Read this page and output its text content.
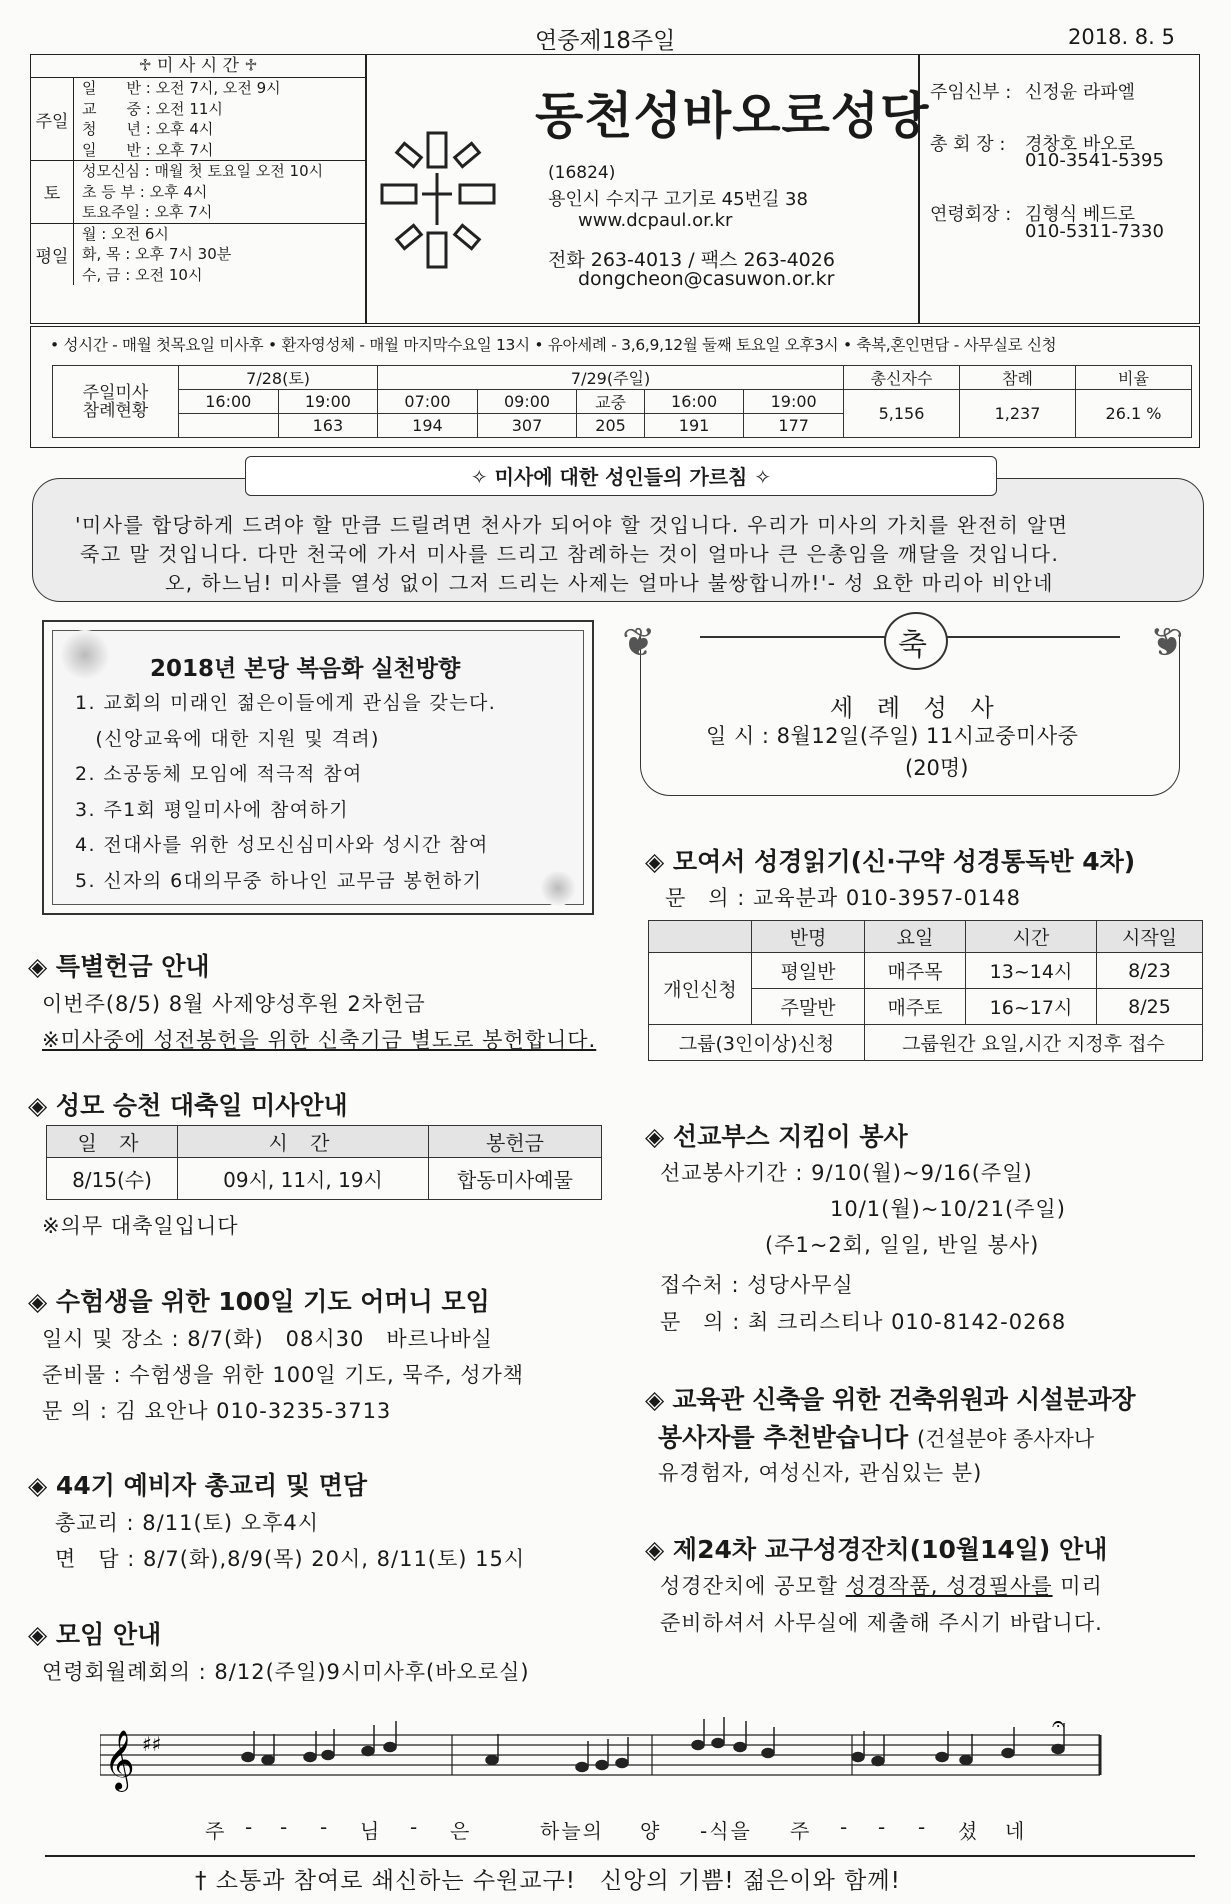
연중제18주일	2018. 8. 5
♱ 미 사 시 간 ♱
주일
일　　반 : 오전 7시, 오전 9시
교　　중 : 오전 11시
청　　년 : 오후 4시
일　　반 : 오후 7시
토
성모신심 : 매월 첫 토요일 오전 10시
초 등 부 : 오후 4시
토요주일 : 오후 7시
평일
월 : 오전 6시
화, 목 : 오후 7시 30분
수, 금 : 오전 10시
동천성바오로성당
(16824)
용인시 수지구 고기로 45번길 38
www.dcpaul.or.kr
전화 263-4013 / 팩스 263-4026
dongcheon@casuwon.or.kr
주임신부 : 신정윤 라파엘
총 회 장 : 경창호 바오로
010-3541-5395
연령회장 : 김형식 베드로
010-5311-7330
• 성시간 - 매월 첫목요일 미사후 • 환자영성체 - 매월 마지막수요일 13시 • 유아세례 - 3,6,9,12월 둘째 토요일 오후3시 • 축복,혼인면담 - 사무실로 신청
주일미사
참례현황	7/28(토)		7/29(주일)					총신자수	참례	비율
	16:00	19:00	07:00	09:00	교중	16:00	19:00	5,156	1,237	26.1 %
		163	194	307	205	191	177			
✧ 미사에 대한 성인들의 가르침 ✧
'미사를 합당하게 드려야 할 만큼 드릴려면 천사가 되어야 할 것입니다. 우리가 미사의 가치를 완전히 알면
죽고 말 것입니다. 다만 천국에 가서 미사를 드리고 참례하는 것이 얼마나 큰 은총임을 깨달을 것입니다.
오, 하느님! 미사를 열성 없이 그저 드리는 사제는 얼마나 불쌍합니까!'- 성 요한 마리아 비안네
2018년 본당 복음화 실천방향
1. 교회의 미래인 젊은이들에게 관심을 갖는다.
　(신앙교육에 대한 지원 및 격려)
2. 소공동체 모임에 적극적 참여
3. 주1회 평일미사에 참여하기
4. 전대사를 위한 성모신심미사와 성시간 참여
5. 신자의 6대의무중 하나인 교무금 봉헌하기
❦	❦
축
세 례 성 사
일 시 : 8월12일(주일) 11시교중미사중
(20명)
◈ 모여서 성경읽기(신·구약 성경통독반 4차)
문　의 : 교육분과 010-3957-0148
	반명	요일	시간	시작일
개인신청	평일반	매주목	13~14시	8/23
	주말반	매주토	16~17시	8/25
그룹(3인이상)신청		그룹원간 요일,시간 지정후 접수		
◈ 특별헌금 안내
이번주(8/5) 8월 사제양성후원 2차헌금
※미사중에 성전봉헌을 위한 신축기금 별도로 봉헌합니다.
◈ 성모 승천 대축일 미사안내
일 자	시 간	봉헌금
8/15(수)	09시, 11시, 19시	합동미사예물
※의무 대축일입니다
◈ 수험생을 위한 100일 기도 어머니 모임
일시 및 장소 : 8/7(화)　08시30　바르나바실
준비물 : 수험생을 위한 100일 기도, 묵주, 성가책
문 의 : 김 요안나 010-3235-3713
◈ 44기 예비자 총교리 및 면담
총교리 : 8/11(토) 오후4시
면　담 : 8/7(화),8/9(목) 20시, 8/11(토) 15시
◈ 모임 안내
연령회월례회의 : 8/12(주일)9시미사후(바오로실)
◈ 선교부스 지킴이 봉사
선교봉사기간 : 9/10(월)~9/16(주일)
10/1(월)~10/21(주일)
(주1~2회, 일일, 반일 봉사)
접수처 : 성당사무실
문　의 : 최 크리스티나 010-8142-0268
◈ 교육관 신축을 위한 건축위원과 시설분과장
봉사자를 추천받습니다 (건설분야 종사자나
유경험자, 여성신자, 관심있는 분)
◈ 제24차 교구성경잔치(10월14일) 안내
성경잔치에 공모할 성경작품, 성경필사를 미리
준비하셔서 사무실에 제출해 주시기 바랍니다.
𝄞 ♯♯
𝄐
주 - - - 님 - 은	하늘의 양 -식을 주 - - - 셨 네
† 소통과 참여로 쇄신하는 수원교구!　신앙의 기쁨! 젊은이와 함께!
